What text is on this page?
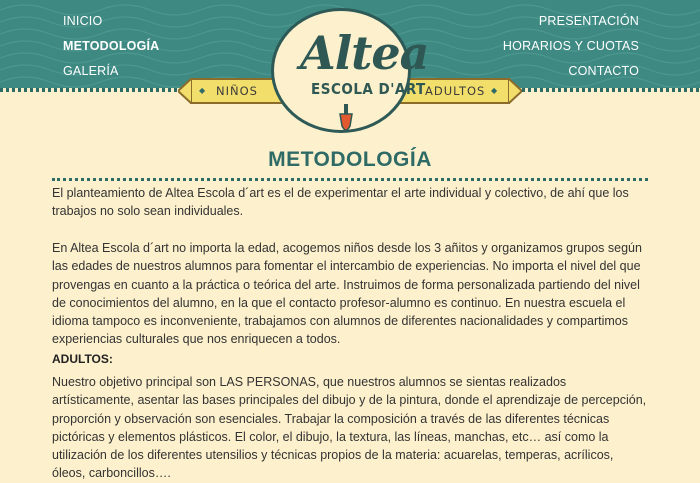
INICIO
METODOLOGÍA
GALERÍA
PRESENTACIÓN
HORARIOS Y CUOTAS
CONTACTO
◆	◆
NIÑOS	ADULTOS
Altea
ESCOLA D'ART
METODOLOGÍA

El planteamiento de Altea Escola d´art es el de experimentar el arte individual y colectivo, de ahí que los trabajos no solo sean individuales.

En Altea Escola d´art no importa la edad, acogemos niños desde los 3 añitos y organizamos grupos según las edades de nuestros alumnos para fomentar el intercambio de experiencias. No importa el nivel del que provengas en cuanto a la práctica o teórica del arte. Instruimos de forma personalizada partiendo del nivel de conocimientos del alumno, en la que el contacto profesor-alumno es continuo. En nuestra escuela el idioma tampoco es inconveniente, trabajamos con alumnos de diferentes nacionalidades y compartimos experiencias culturales que nos enriquecen a todos.

ADULTOS:

Nuestro objetivo principal son LAS PERSONAS, que nuestros alumnos se sientas realizados artísticamente, asentar las bases principales del dibujo y de la pintura, donde el aprendizaje de percepción, proporción y observación son esenciales. Trabajar la composición a través de las diferentes técnicas pictóricas y elementos plásticos. El color, el dibujo, la textura, las líneas, manchas, etc… así como la utilización de los diferentes utensilios y técnicas propios de la materia: acuarelas, temperas, acrílicos, óleos, carboncillos….
